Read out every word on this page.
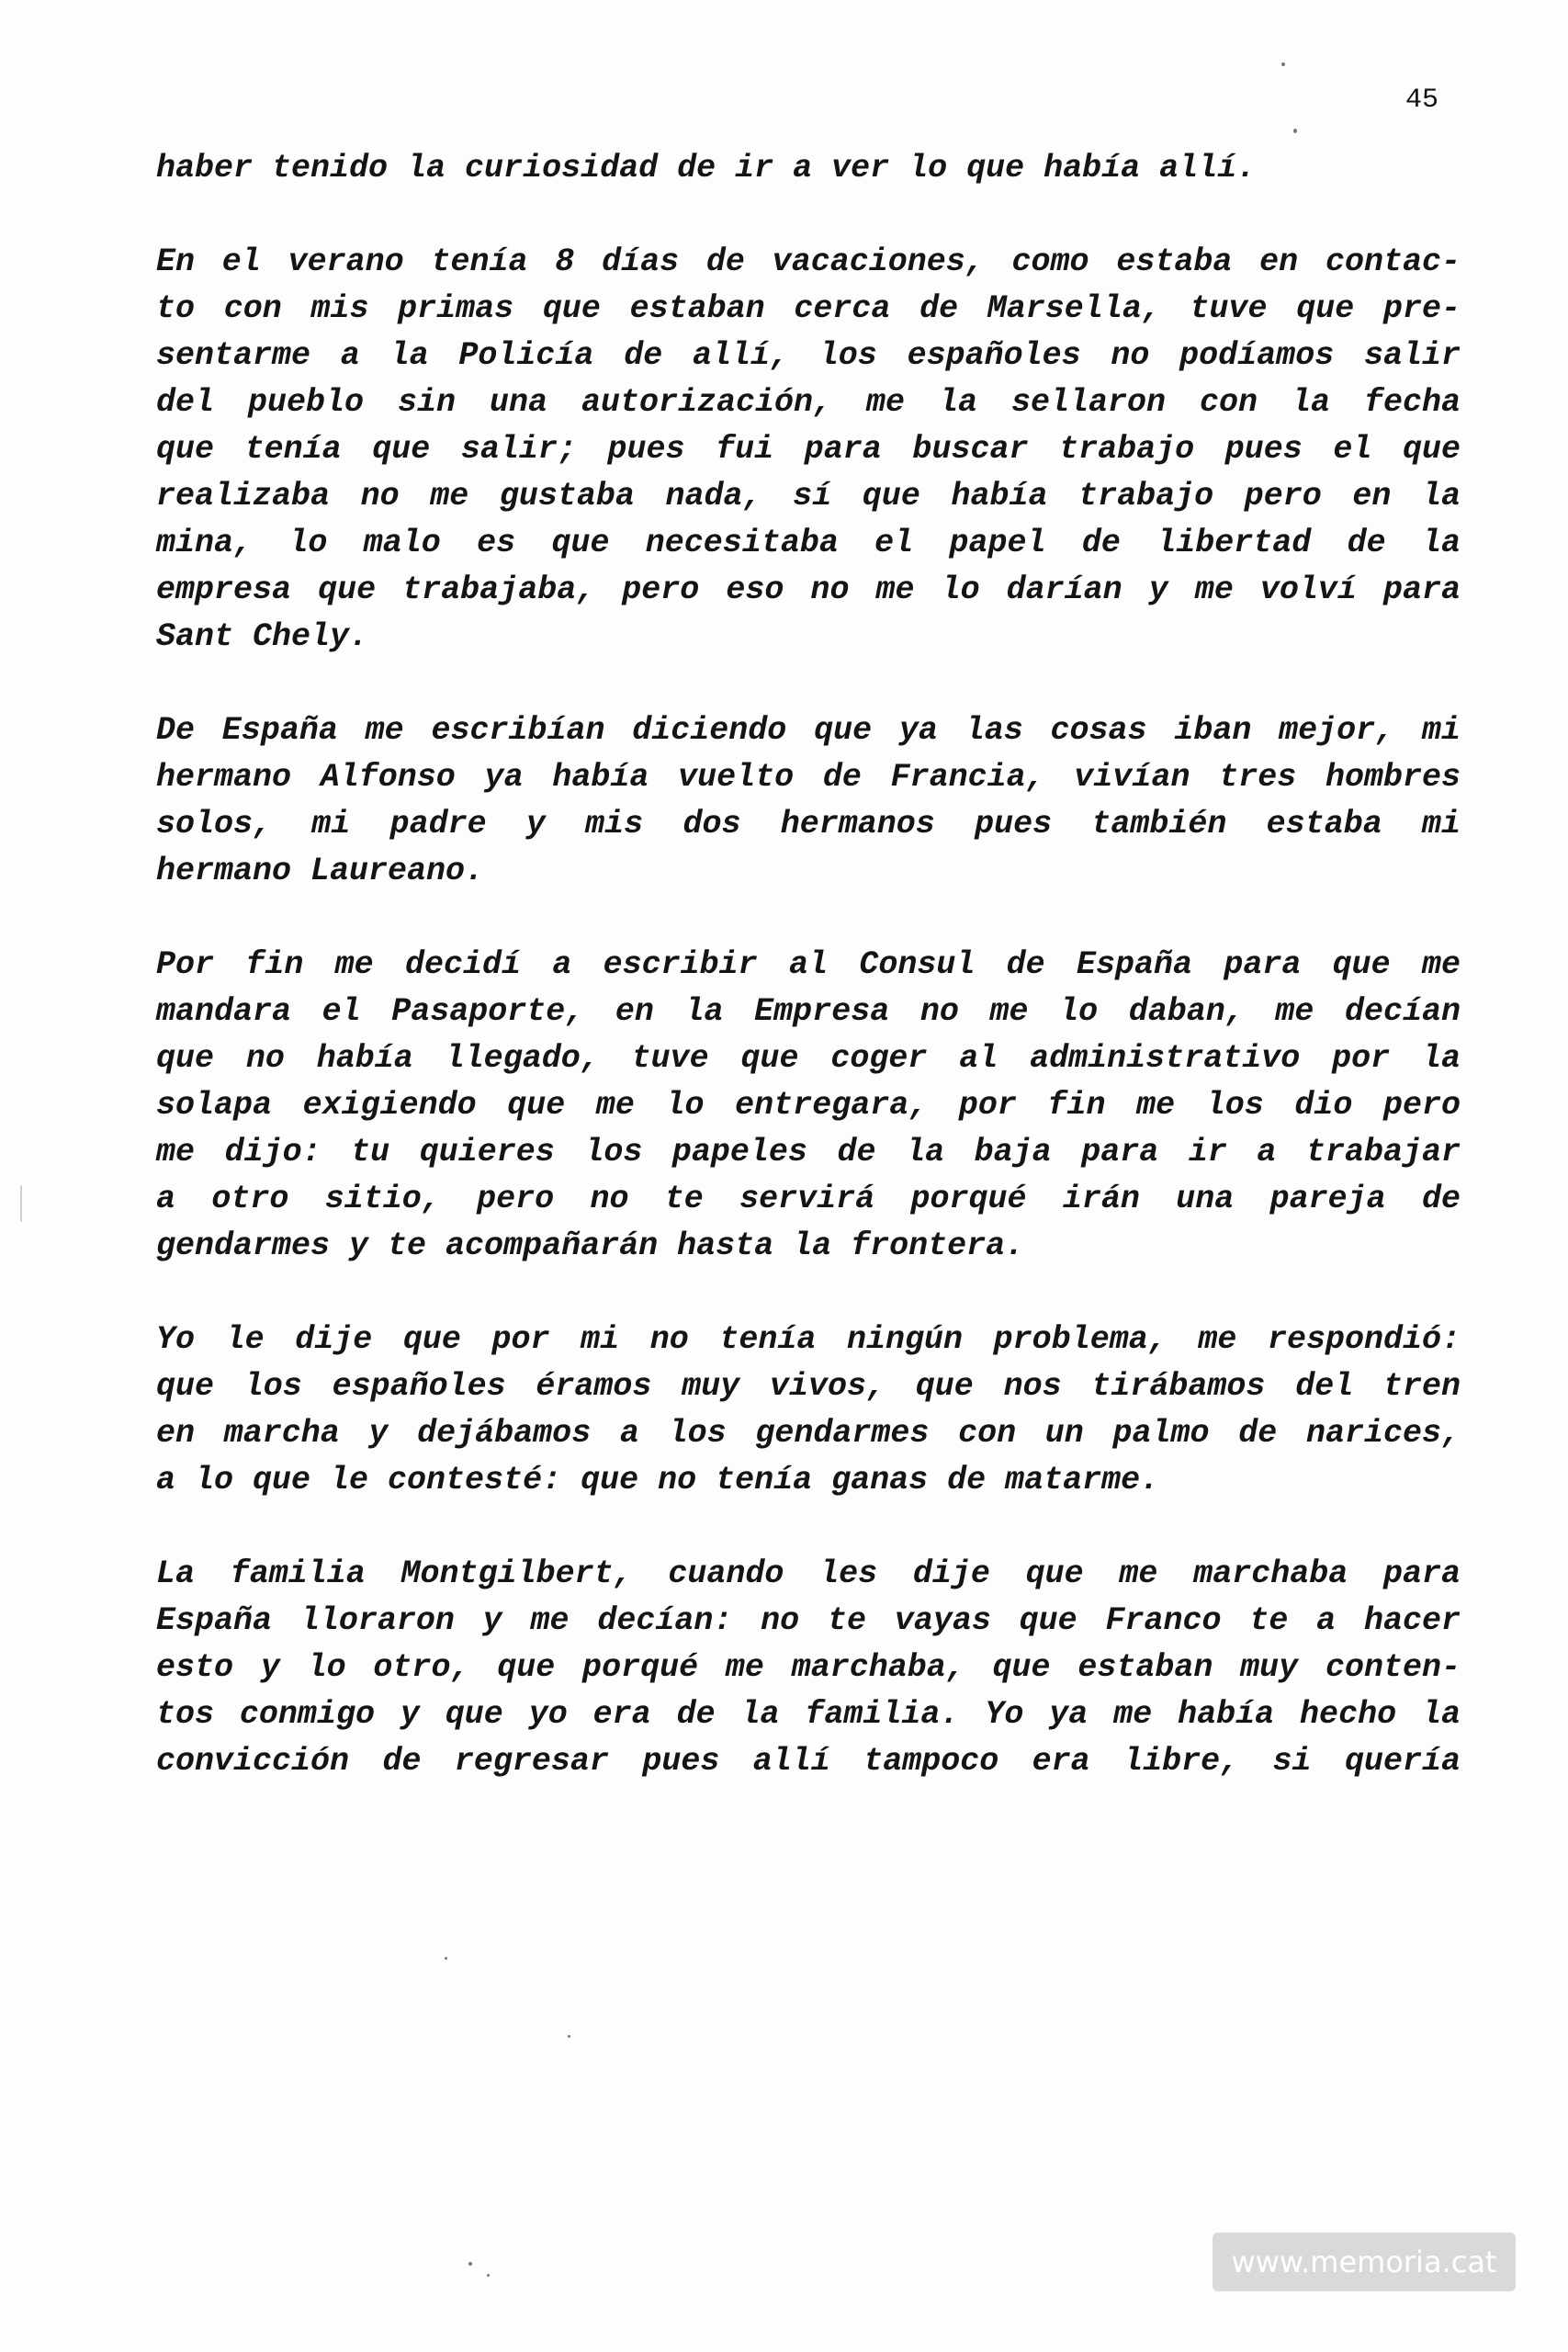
45
haber tenido la curiosidad de ir a ver lo que había allí.
En el verano tenía 8 días de vacaciones, como estaba en contac-
to con mis primas que estaban cerca de Marsella, tuve que pre-
sentarme a la Policía de allí, los españoles no podíamos salir
del pueblo sin una autorización, me la sellaron con la fecha
que tenía que salir; pues fui para buscar trabajo pues el que
realizaba no me gustaba nada, sí que había trabajo pero en la
mina, lo malo es que necesitaba el papel de libertad de la
empresa que trabajaba, pero eso no me lo darían y me volví para
Sant Chely.
De España me escribían diciendo que ya las cosas iban mejor, mi
hermano Alfonso ya había vuelto de Francia, vivían tres hombres
solos, mi padre y mis dos hermanos pues también estaba mi
hermano Laureano.
Por fin me decidí a escribir al Consul de España para que me
mandara el Pasaporte, en la Empresa no me lo daban, me decían
que no había llegado, tuve que coger al administrativo por la
solapa exigiendo que me lo entregara, por fin me los dio pero
me dijo: tu quieres los papeles de la baja para ir a trabajar
a otro sitio, pero no te servirá porqué irán una pareja de
gendarmes y te acompañarán hasta la frontera.
Yo le dije que por mi no tenía ningún problema, me respondió:
que los españoles éramos muy vivos, que nos tirábamos del tren
en marcha y dejábamos a los gendarmes con un palmo de narices,
a lo que le contesté: que no tenía ganas de matarme.
La familia Montgilbert, cuando les dije que me marchaba para
España lloraron y me decían: no te vayas que Franco te a hacer
esto y lo otro, que porqué me marchaba, que estaban muy conten-
tos conmigo y que yo era de la familia. Yo ya me había hecho la
convicción de regresar pues allí tampoco era libre, si quería
www.memoria.cat
